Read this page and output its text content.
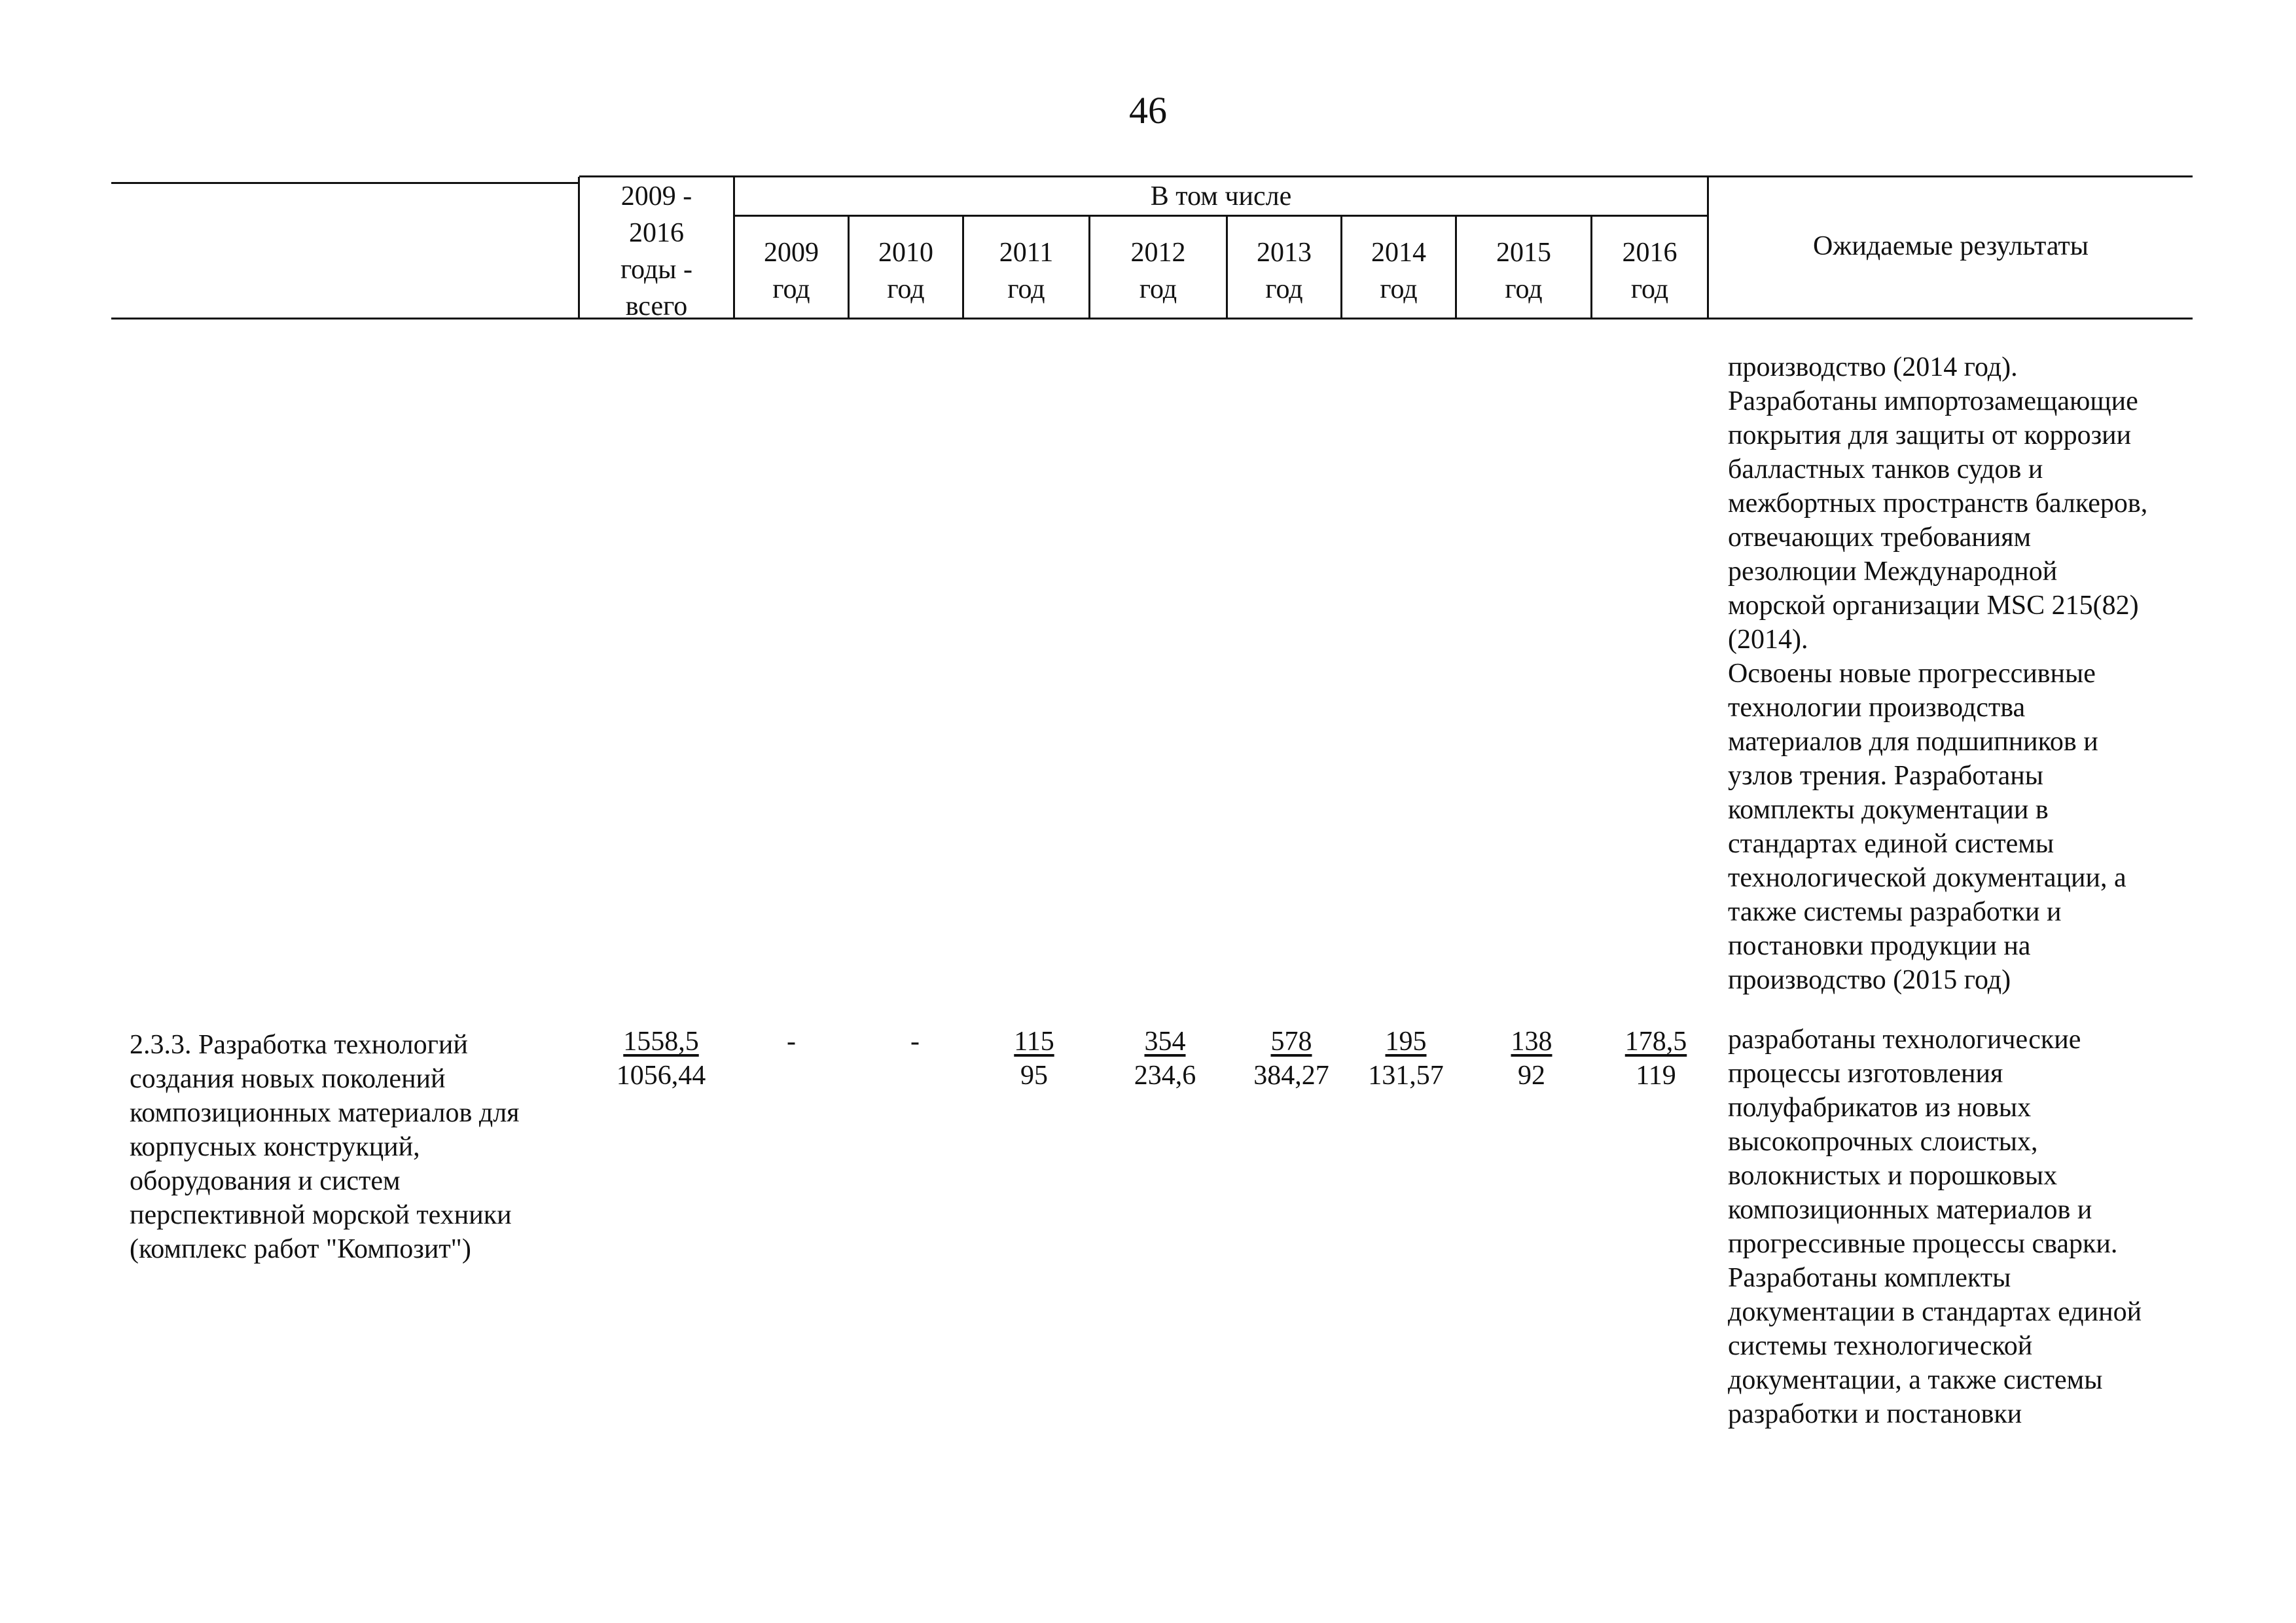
46
2009 -
2016
годы -
всего
В том числе
2009
год
2010
год
2011
год
2012
год
2013
год
2014
год
2015
год
2016
год
Ожидаемые результаты
производство (2014 год).
Разработаны импортозамещающие
покрытия для защиты от коррозии
балластных танков судов и
межбортных пространств балкеров,
отвечающих требованиям
резолюции Международной
морской организации MSC 215(82)
(2014).
Освоены новые прогрессивные
технологии производства
материалов для подшипников и
узлов трения. Разработаны
комплекты документации в
стандартах единой системы
технологической документации, а
также системы разработки и
постановки продукции на
производство (2015 год)
2.3.3. Разработка технологий
создания новых поколений
композиционных материалов для
корпусных конструкций,
оборудования и систем
перспективной морской техники
(комплекс работ "Композит")
1558,5
1056,44
-	-	115
95
354
234,6
578
384,27
195
131,57
138
92
178,5
119
разработаны технологические
процессы изготовления
полуфабрикатов из новых
высокопрочных слоистых,
волокнистых и порошковых
композиционных материалов и
прогрессивные процессы сварки.
Разработаны комплекты
документации в стандартах единой
системы технологической
документации, а также системы
разработки и постановки
